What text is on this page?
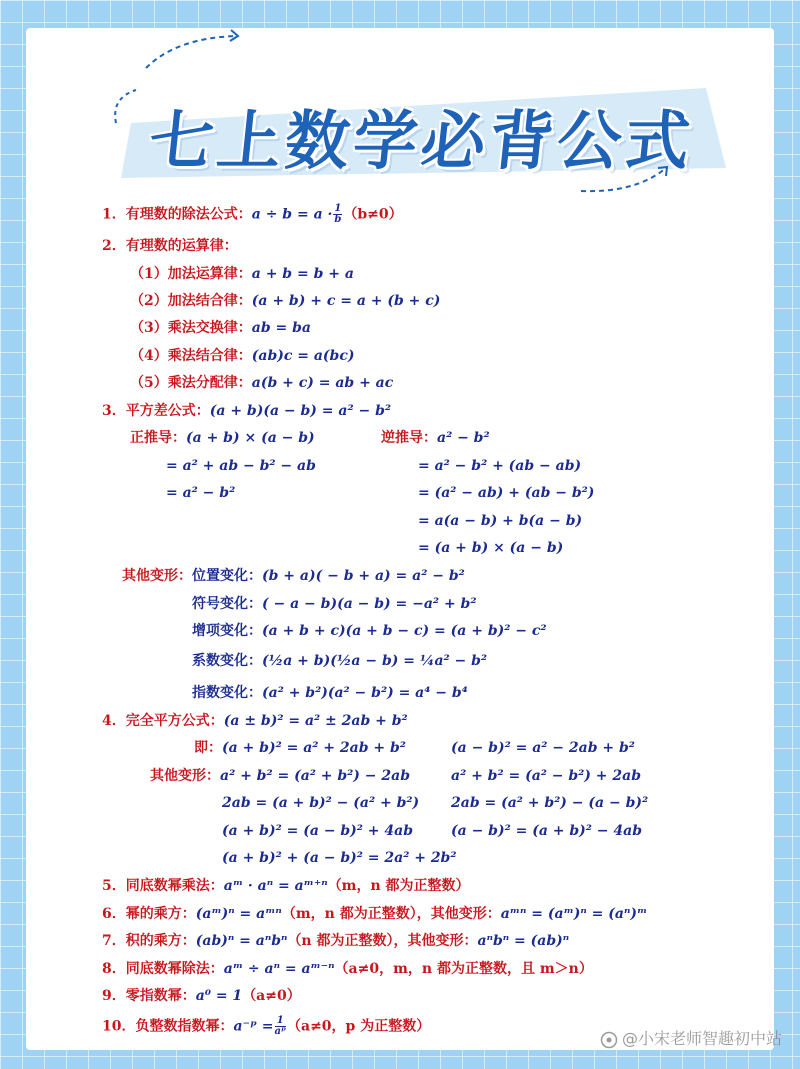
七上数学必背公式
1．有理数的除法公式：$a \div b = a \cdot \frac{1}{b} (b\ne 0)$
2．有理数的运算律：
（1）加法运算律：a + b = b + a
（2）加法结合律：(a + b) + c = a + (b + c)
（3）乘法交换律：ab = ba
（4）乘法结合律：(ab)c = a(bc)
（5）乘法分配律：a(b + c) = ab + ac
3．平方差公式：(a + b)(a − b) = a² − b²
正推导：(a + b) × (a − b)
= a² + ab − b² − ab
= a² − b²
逆推导：a² − b²
= a² − b² + (ab − ab)
= (a² − ab) + (ab − b²)
= a(a − b) + b(a − b)
= (a + b) × (a − b)
其他变形：位置变化：(b + a)( − b + a) = a² − b²
符号变化：( − a − b)(a − b) = −a² + b²
增项变化：(a + b + c)(a + b − c) = (a + b)² − c²
系数变化：(½a + b)(½a − b) = ¼a² − b²
指数变化：(a² + b²)(a² − b²) = a⁴ − b⁴
4．完全平方公式：(a ± b)² = a² ± 2ab + b²
即：(a + b)² = a² + 2ab + b²	(a − b)² = a² − 2ab + b²
其他变形：a² + b² = (a² + b²) − 2ab
2ab = (a + b)² − (a² + b²)
(a + b)² = (a − b)² + 4ab
(a + b)² + (a − b)² = 2a² + 2b²
a² + b² = (a² − b²) + 2ab
2ab = (a² + b²) − (a − b)²
(a − b)² = (a + b)² − 4ab
5．同底数幂乘法：aᵐ · aⁿ = aᵐ⁺ⁿ（m，n 都为正整数）
6．幂的乘方：(aᵐ)ⁿ = aᵐⁿ（m，n 都为正整数），其他变形：aᵐⁿ = (aᵐ)ⁿ = (aⁿ)ᵐ
7．积的乘方：(ab)ⁿ = aⁿbⁿ（n 都为正整数），其他变形：aⁿbⁿ = (ab)ⁿ
8．同底数幂除法：aᵐ ÷ aⁿ = aᵐ⁻ⁿ（a≠0，m，n 都为正整数，且 m＞n）
9．零指数幂：a⁰ = 1（a≠0）
10．负整数指数幂：a⁻ᵖ = $\frac{1}{\text{aᵖ}} (a\ne 0$，p 为正整数）
@小宋老师智趣初中站
